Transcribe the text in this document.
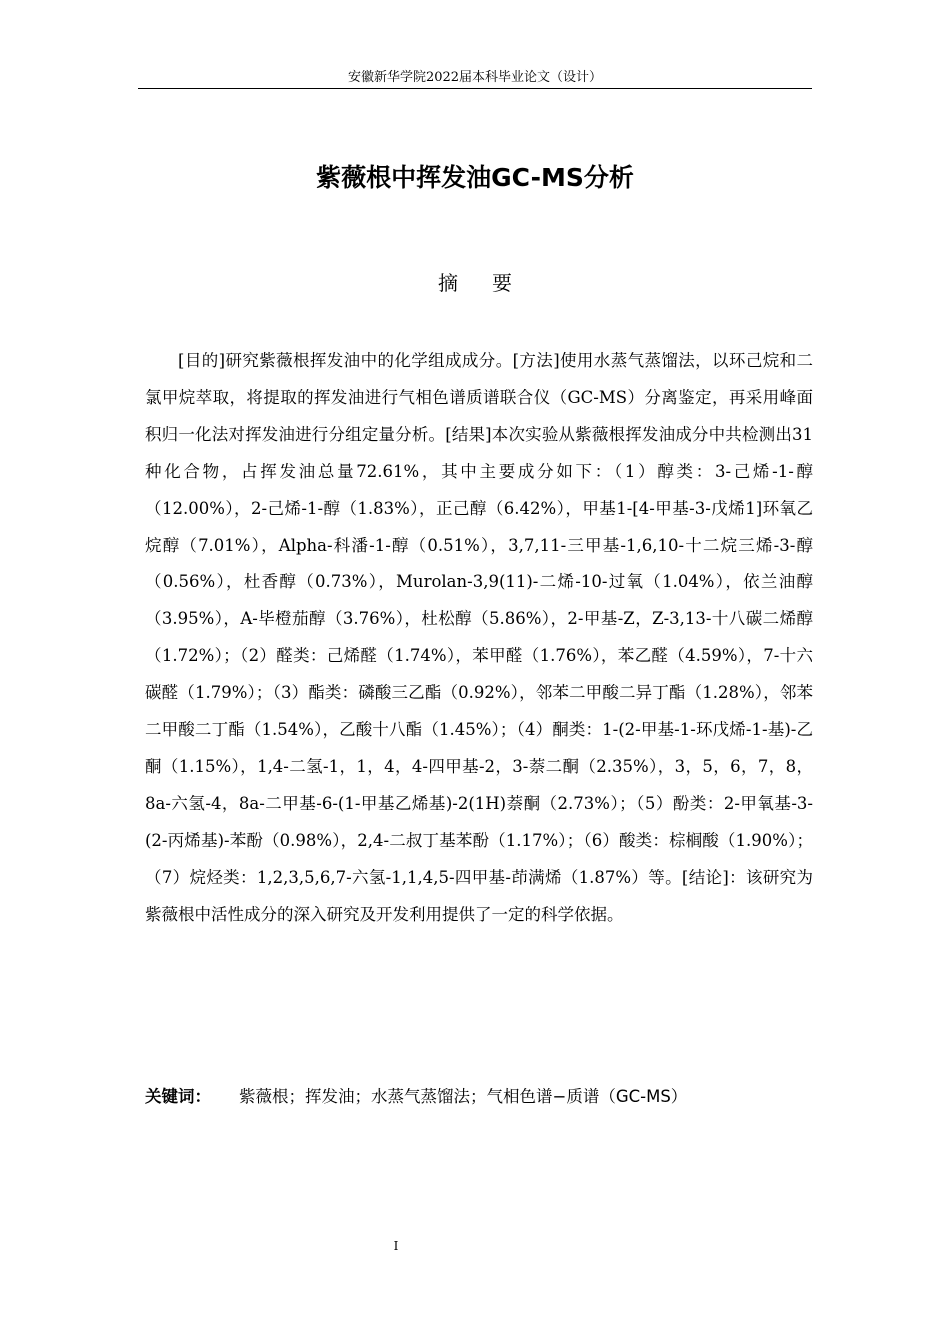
安徽新华学院2022届本科毕业论文（设计）
紫薇根中挥发油GC-MS分析
摘要

[目的]研究紫薇根挥发油中的化学组成成分。[方法]使用水蒸气蒸馏法，以环己烷和二氯甲烷萃取，将提取的挥发油进行气相色谱质谱联合仪（GC-MS）分离鉴定，再采用峰面积归一化法对挥发油进行分组定量分析。[结果]本次实验从紫薇根挥发油成分中共检测出31种化合物，占挥发油总量72.61%，其中主要成分如下：（1）醇类：3-己烯-1-醇（12.00%），2-己烯-1-醇（1.83%），正己醇（6.42%），甲基1-[4-甲基-3-戊烯1]环氧乙烷醇（7.01%），Alpha-科潘-1-醇（0.51%），3,7,11-三甲基-1,6,10-十二烷三烯-3-醇（0.56%），杜香醇（0.73%），Murolan-3,9(11)-二烯-10-过氧（1.04%），依兰油醇（3.95%），A-毕橙茄醇（3.76%），杜松醇（5.86%），2-甲基-Z，Z-3,13-十八碳二烯醇（1.72%）；（2）醛类：己烯醛（1.74%），苯甲醛（1.76%），苯乙醛（4.59%），7-十六碳醛（1.79%）；（3）酯类：磷酸三乙酯（0.92%），邻苯二甲酸二异丁酯（1.28%），邻苯二甲酸二丁酯（1.54%），乙酸十八酯（1.45%）；（4）酮类：1-(2-甲基-1-环戊烯-1-基)-乙酮（1.15%），1,4-二氢-1，1，4，4-四甲基-2，3-萘二酮（2.35%），3，5，6，7，8，8a-六氢-4，8a-二甲基-6-(1-甲基乙烯基)-2(1H)萘酮（2.73%）；（5）酚类：2-甲氧基-3-(2-丙烯基)-苯酚（0.98%），2,4-二叔丁基苯酚（1.17%）；（6）酸类：棕榈酸（1.90%）；（7）烷烃类：1,2,3,5,6,7-六氢-1,1,4,5-四甲基-茚满烯（1.87%）等。[结论]：该研究为紫薇根中活性成分的深入研究及开发利用提供了一定的科学依据。

关键词： 紫薇根；挥发油；水蒸气蒸馏法；气相色谱−质谱（GC-MS）
I
